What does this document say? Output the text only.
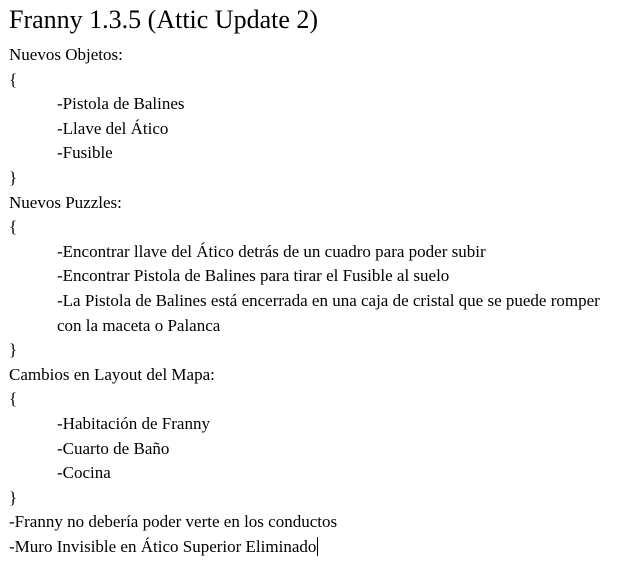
Franny 1.3.5 (Attic Update 2)
Nuevos Objetos:
{
-Pistola de Balines
-Llave del Ático
-Fusible
}
Nuevos Puzzles:
{
-Encontrar llave del Ático detrás de un cuadro para poder subir
-Encontrar Pistola de Balines para tirar el Fusible al suelo
-La Pistola de Balines está encerrada en una caja de cristal que se puede romper con la maceta o Palanca
}
Cambios en Layout del Mapa:
{
-Habitación de Franny
-Cuarto de Baño
-Cocina
}
-Franny no debería poder verte en los conductos
-Muro Invisible en Ático Superior Eliminado
